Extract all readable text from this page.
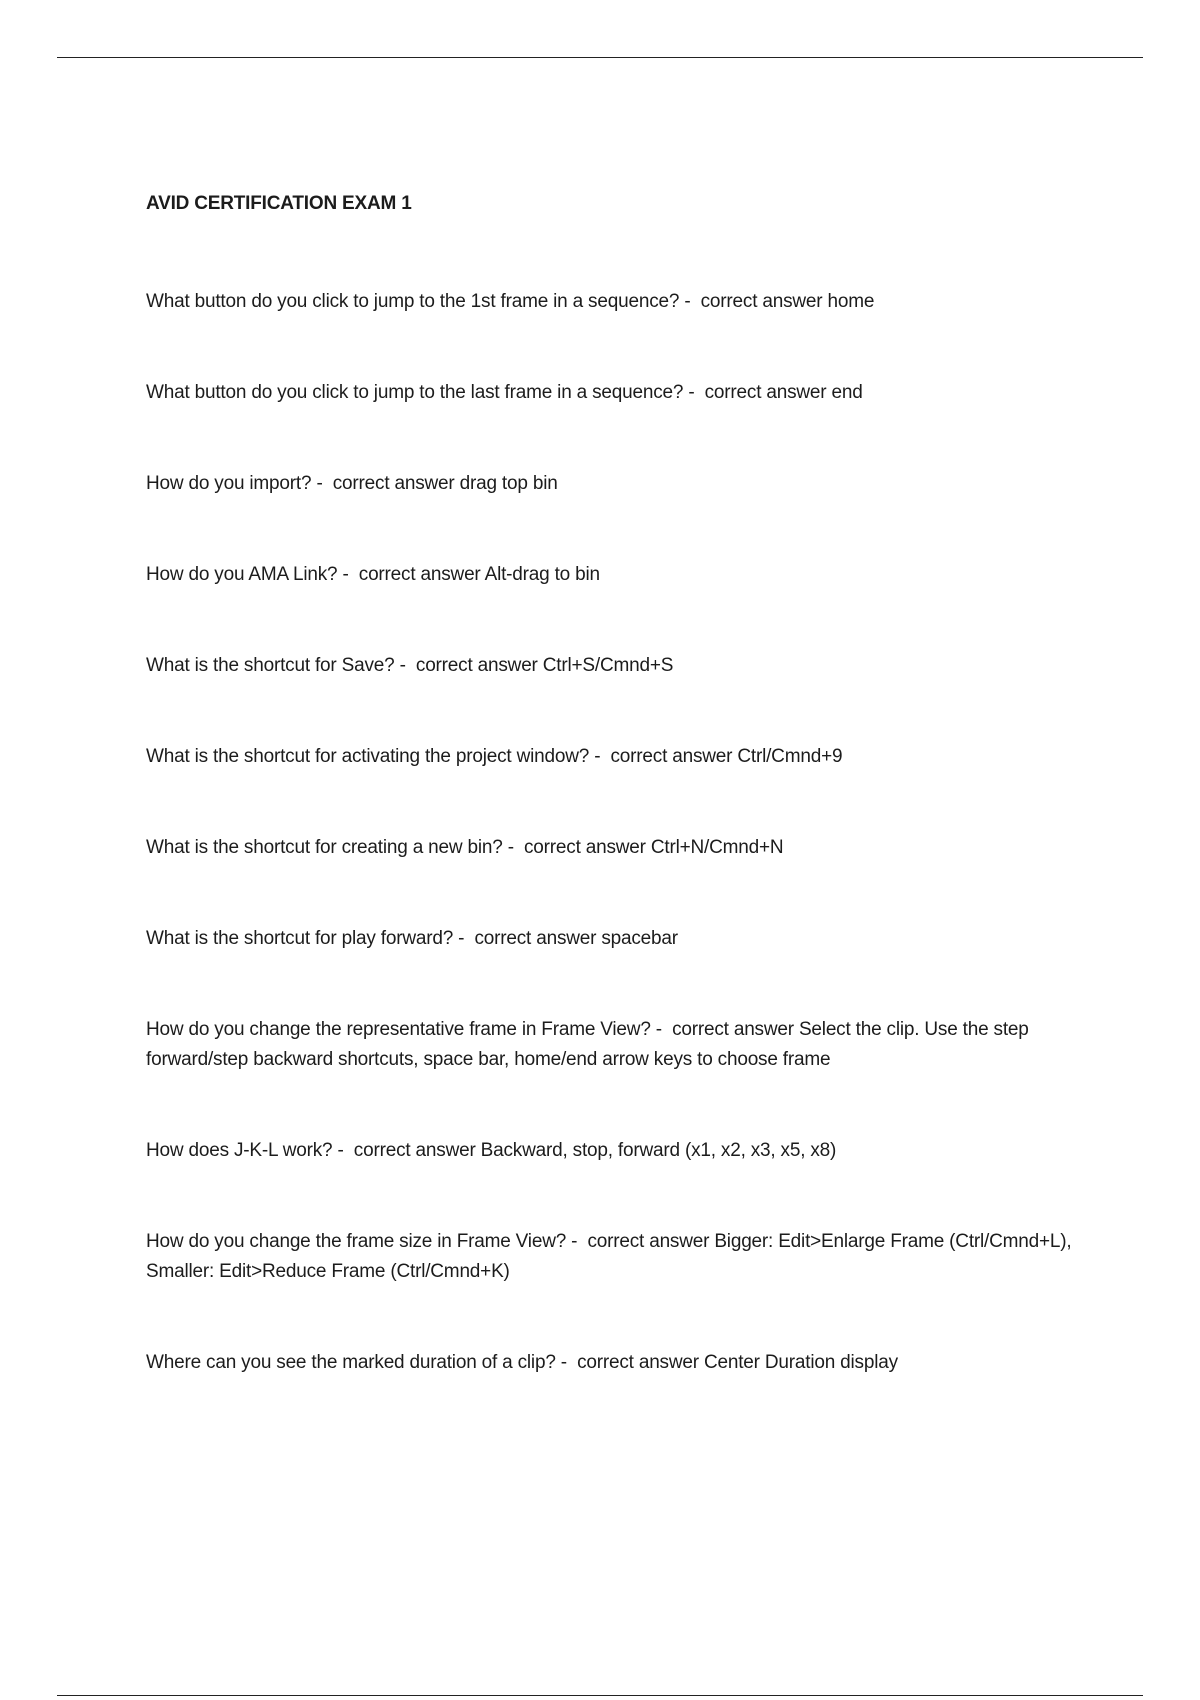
AVID CERTIFICATION EXAM 1
What button do you click to jump to the 1st frame in a sequence? -  correct answer home
What button do you click to jump to the last frame in a sequence? -  correct answer end
How do you import? -  correct answer drag top bin
How do you AMA Link? -  correct answer Alt-drag to bin
What is the shortcut for Save? -  correct answer Ctrl+S/Cmnd+S
What is the shortcut for activating the project window? -  correct answer Ctrl/Cmnd+9
What is the shortcut for creating a new bin? -  correct answer Ctrl+N/Cmnd+N
What is the shortcut for play forward? -  correct answer spacebar
How do you change the representative frame in Frame View? -  correct answer Select the clip. Use the step forward/step backward shortcuts, space bar, home/end arrow keys to choose frame
How does J-K-L work? -  correct answer Backward, stop, forward (x1, x2, x3, x5, x8)
How do you change the frame size in Frame View? -  correct answer Bigger: Edit>Enlarge Frame (Ctrl/Cmnd+L), Smaller: Edit>Reduce Frame (Ctrl/Cmnd+K)
Where can you see the marked duration of a clip? -  correct answer Center Duration display
